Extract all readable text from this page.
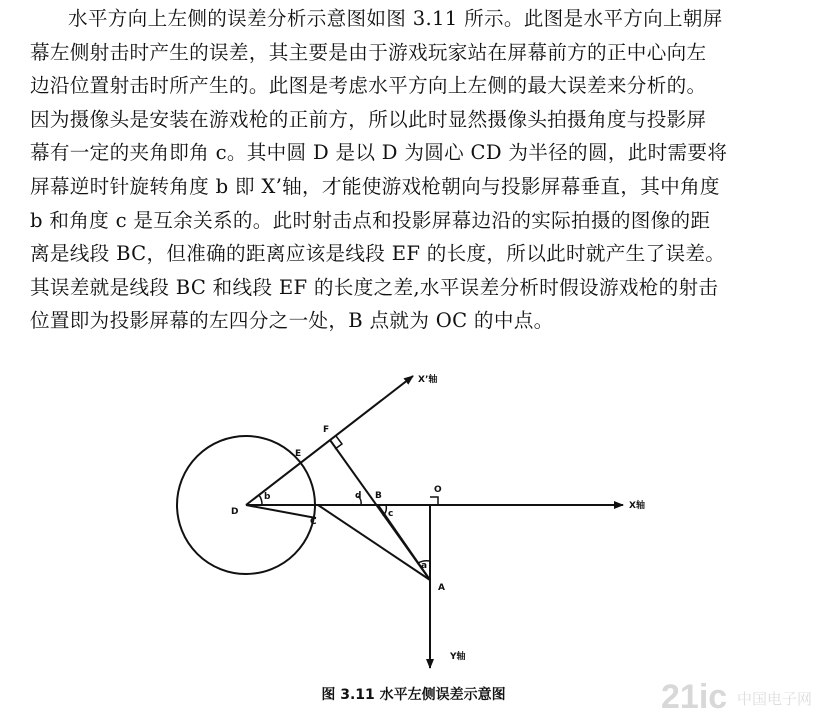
水平方向上左侧的误差分析示意图如图 3.11 所示。此图是水平方向上朝屏
幕左侧射击时产生的误差，其主要是由于游戏玩家站在屏幕前方的正中心向左
边沿位置射击时所产生的。此图是考虑水平方向上左侧的最大误差来分析的。
因为摄像头是安装在游戏枪的正前方，所以此时显然摄像头拍摄角度与投影屏
幕有一定的夹角即角 c。其中圆 D 是以 D 为圆心 CD 为半径的圆，此时需要将
屏幕逆时针旋转角度 b 即 X’轴，才能使游戏枪朝向与投影屏幕垂直，其中角度
b 和角度 c 是互余关系的。此时射击点和投影屏幕边沿的实际拍摄的图像的距
离是线段 BC，但准确的距离应该是线段 EF 的长度，所以此时就产生了误差。
其误差就是线段 BC 和线段 EF 的长度之差,水平误差分析时假设游戏枪的射击
位置即为投影屏幕的左四分之一处，B 点就为 OC 的中点。
X’轴
X轴
Y轴
D
E
F
C
B
O
A
b	d
c
a
图 3.11 水平左侧误差示意图	21ic 中国电子网
